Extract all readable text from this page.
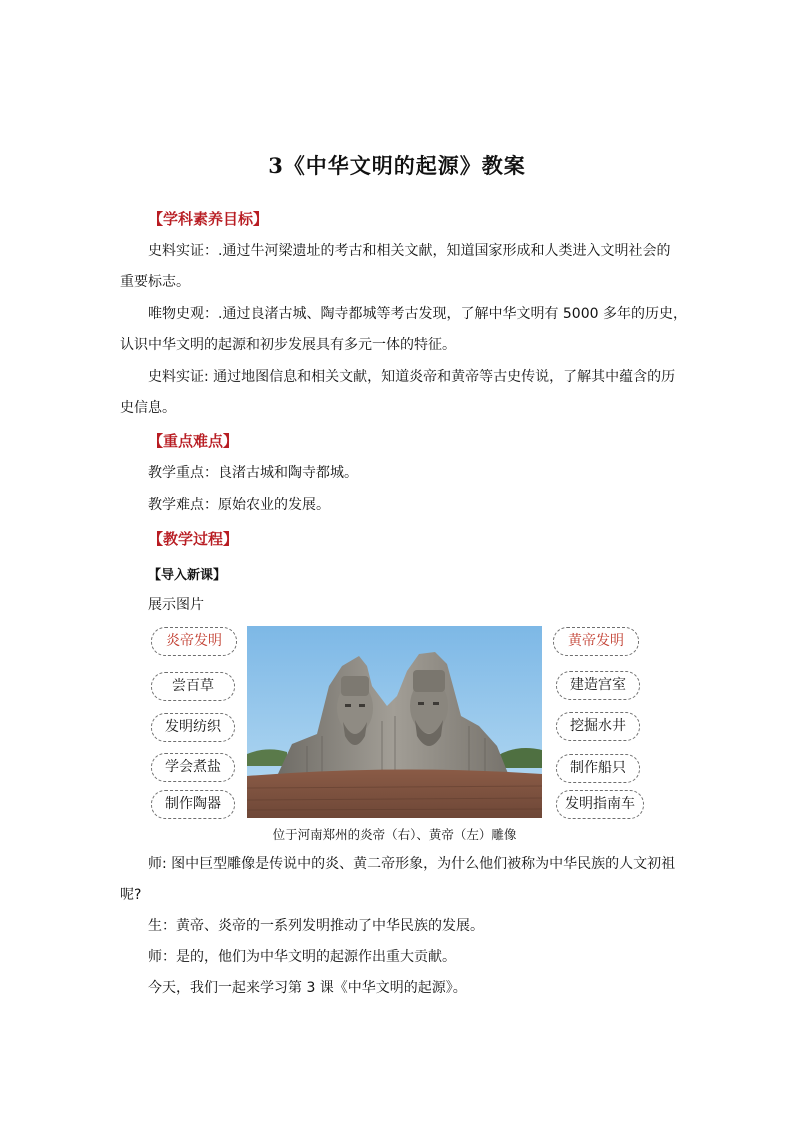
3《中华文明的起源》教案
【学科素养目标】
史料实证：.通过牛河梁遗址的考古和相关文献，知道国家形成和人类进入文明社会的
重要标志。
唯物史观：.通过良渚古城、陶寺都城等考古发现，了解中华文明有 5000 多年的历史，
认识中华文明的起源和初步发展具有多元一体的特征。
史料实证: 通过地图信息和相关文献，知道炎帝和黄帝等古史传说，了解其中蕴含的历
史信息。
【重点难点】
教学重点：良渚古城和陶寺都城。
教学难点：原始农业的发展。
【教学过程】
【导入新课】
展示图片
炎帝发明
尝百草
发明纺织
学会煮盐
制作陶器
黄帝发明
建造宫室
挖掘水井
制作船只
发明指南车
位于河南郑州的炎帝（右）、黄帝（左）雕像
师: 图中巨型雕像是传说中的炎、黄二帝形象，为什么他们被称为中华民族的人文初祖
呢?
生：黄帝、炎帝的一系列发明推动了中华民族的发展。
师：是的，他们为中华文明的起源作出重大贡献。
今天，我们一起来学习第 3 课《中华文明的起源》。
